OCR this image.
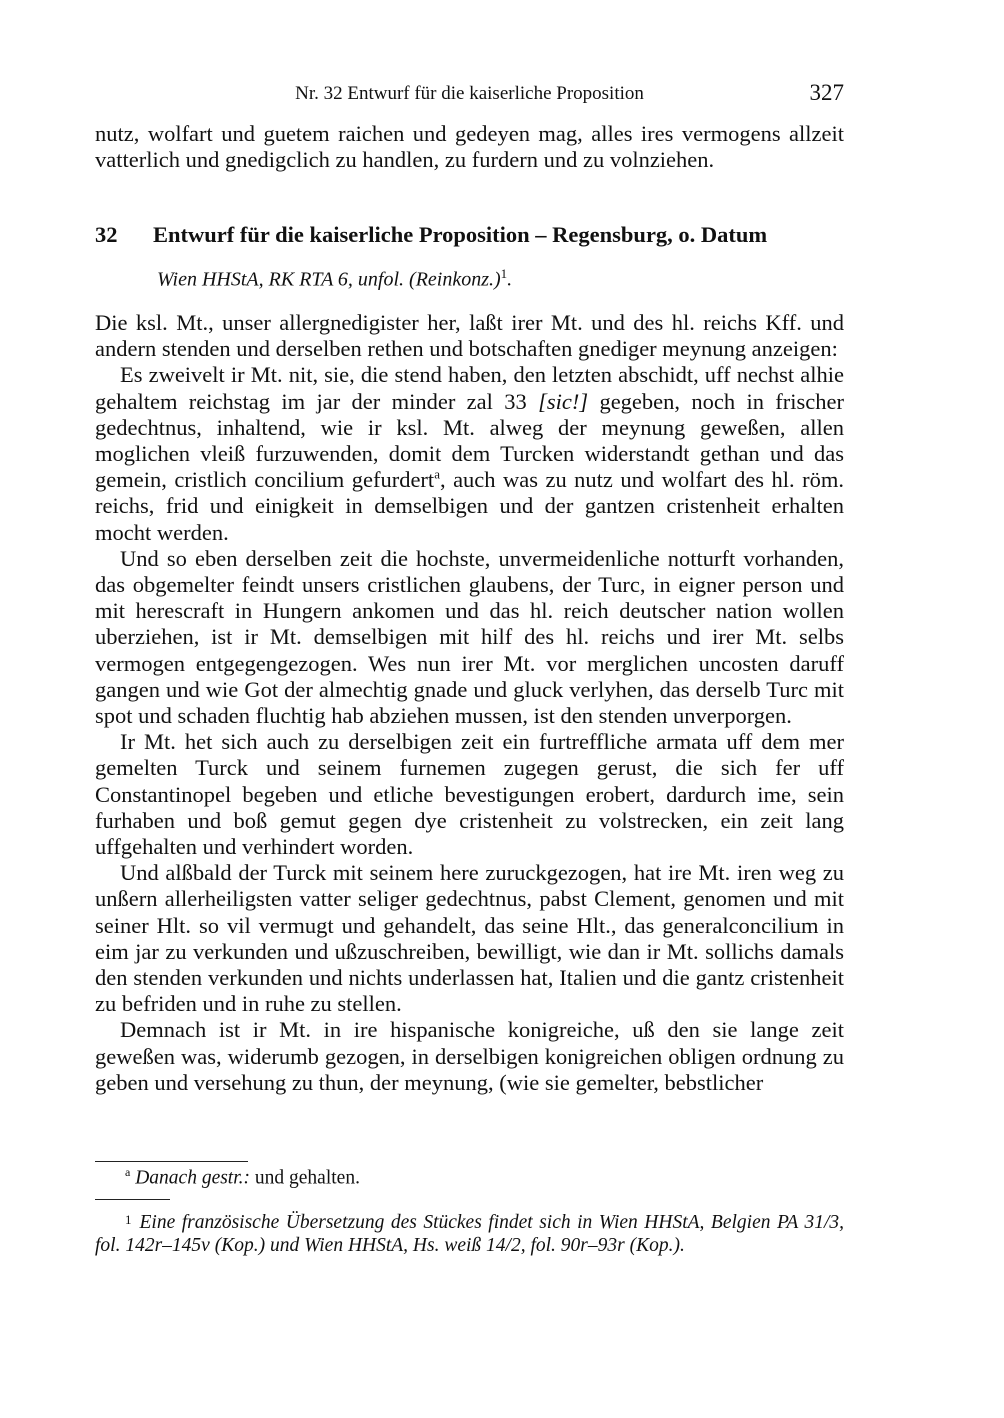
Nr. 32 Entwurf für die kaiserliche Proposition	327

nutz, wolfart und guetem raichen und gedeyen mag, alles ires vermogens allzeit vatterlich und gnedigclich zu handlen, zu furdern und zu volnziehen.

32 Entwurf für die kaiserliche Proposition – Regensburg, o. Datum
Wien HHStA, RK RTA 6, unfol. (Reinkonz.)$^1$.

Die ksl. Mt., unser allergnedigister her, laßt irer Mt. und des hl. reichs Kff. und andern stenden und derselben rethen und botschaften gnediger meynung anzeigen:

Es zweivelt ir Mt. nit, sie, die stend haben, den letzten abschidt, uff nechst alhie gehaltem reichstag im jar der minder zal 33 [sic!] gegeben, noch in frischer gedechtnus, inhaltend, wie ir ksl. Mt. alweg der meynung geweßen, allen moglichen vleiß furzuwenden, domit dem Turcken widerstandt gethan und das gemein, cristlich concilium gefurdert$^a$, auch was zu nutz und wolfart des hl. röm. reichs, frid und einigkeit in demselbigen und der gantzen cristenheit erhalten mocht werden.

Und so eben derselben zeit die hochste, unvermeidenliche notturft vorhanden, das obgemelter feindt unsers cristlichen glaubens, der Turc, in eigner person und mit herescraft in Hungern ankomen und das hl. reich deutscher nation wollen uberziehen, ist ir Mt. demselbigen mit hilf des hl. reichs und irer Mt. selbs vermogen entgegengezogen. Wes nun irer Mt. vor merglichen uncosten daruff gangen und wie Got der almechtig gnade und gluck verlyhen, das derselb Turc mit spot und schaden fluchtig hab abziehen mussen, ist den stenden unverporgen.

Ir Mt. het sich auch zu derselbigen zeit ein furtreffliche armata uff dem mer gemelten Turck und seinem furnemen zugegen gerust, die sich fer uff Constantinopel begeben und etliche bevestigungen erobert, dardurch ime, sein furhaben und boß gemut gegen dye cristenheit zu volstrecken, ein zeit lang uffgehalten und verhindert worden.

Und alßbald der Turck mit seinem here zuruckgezogen, hat ire Mt. iren weg zu unßern allerheiligsten vatter seliger gedechtnus, pabst Clement, genomen und mit seiner Hlt. so vil vermugt und gehandelt, das seine Hlt., das generalconcilium in eim jar zu verkunden und ußzuschreiben, bewilligt, wie dan ir Mt. sollichs damals den stenden verkunden und nichts underlassen hat, Italien und die gantz cristenheit zu befriden und in ruhe zu stellen.

Demnach ist ir Mt. in ire hispanische konigreiche, uß den sie lange zeit geweßen was, widerumb gezogen, in derselbigen konigreichen obligen ordnung zu geben und versehung zu thun, der meynung, (wie sie gemelter, bebstlicher

$^a$ Danach gestr.: und gehalten.
$^1$ Eine französische Übersetzung des Stückes findet sich in Wien HHStA, Belgien PA 31/3, fol. 142r–145v (Kop.) und Wien HHStA, Hs. weiß 14/2, fol. 90r–93r (Kop.).
